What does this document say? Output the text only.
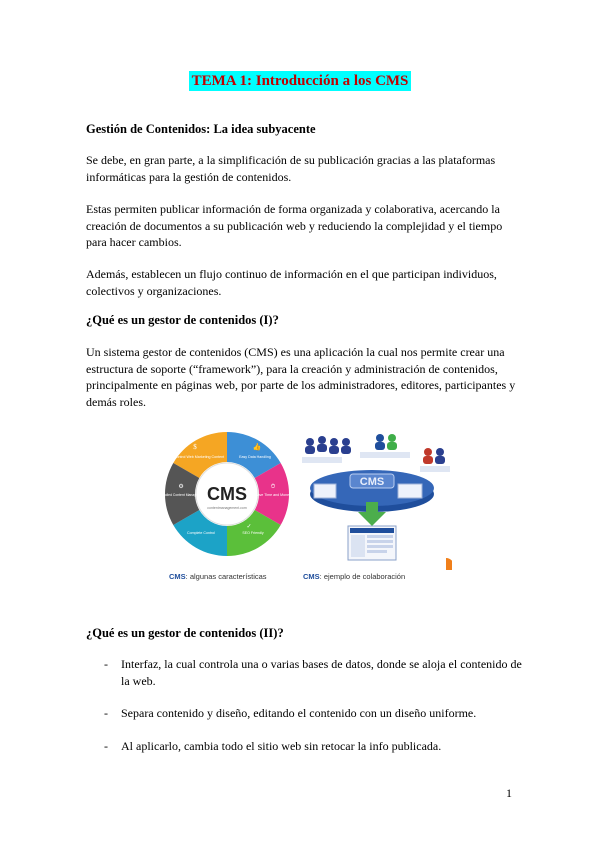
TEMA 1: Introducción a los CMS
Gestión de Contenidos: La idea subyacente
Se debe, en gran parte, a la simplificación de su publicación gracias a las plataformas informáticas para la gestión de contenidos.
Estas permiten publicar información de forma organizada y colaborativa, acercando la creación de documentos a su publicación web y reduciendo la complejidad y el tiempo para hacer cambios.
Además, establecen un flujo continuo de información en el que participan individuos, colectivos y organizaciones.
¿Qué es un gestor de contenidos (I)?
Un sistema gestor de contenidos (CMS) es una aplicación la cual nos permite crear una estructura de soporte (“framework”), para la creación y administración de contenidos, principalmente en páginas web, por parte de los administradores, editores, participantes y demás roles.
CMS
contentmanagement.com
Control Web Marketing Content	Easy Data Handling
Save Time and Money
SEO Friendly
Complete Control
Controlled Content Management
$	👍
⏱
✓
⚙
CMS: algunas características
CMS
CMS: ejemplo de colaboración
¿Qué es un gestor de contenidos (II)?
- Interfaz, la cual controla una o varias bases de datos, donde se aloja el contenido de la web.
- Separa contenido y diseño, editando el contenido con un diseño uniforme.
- Al aplicarlo, cambia todo el sitio web sin retocar la info publicada.
1
